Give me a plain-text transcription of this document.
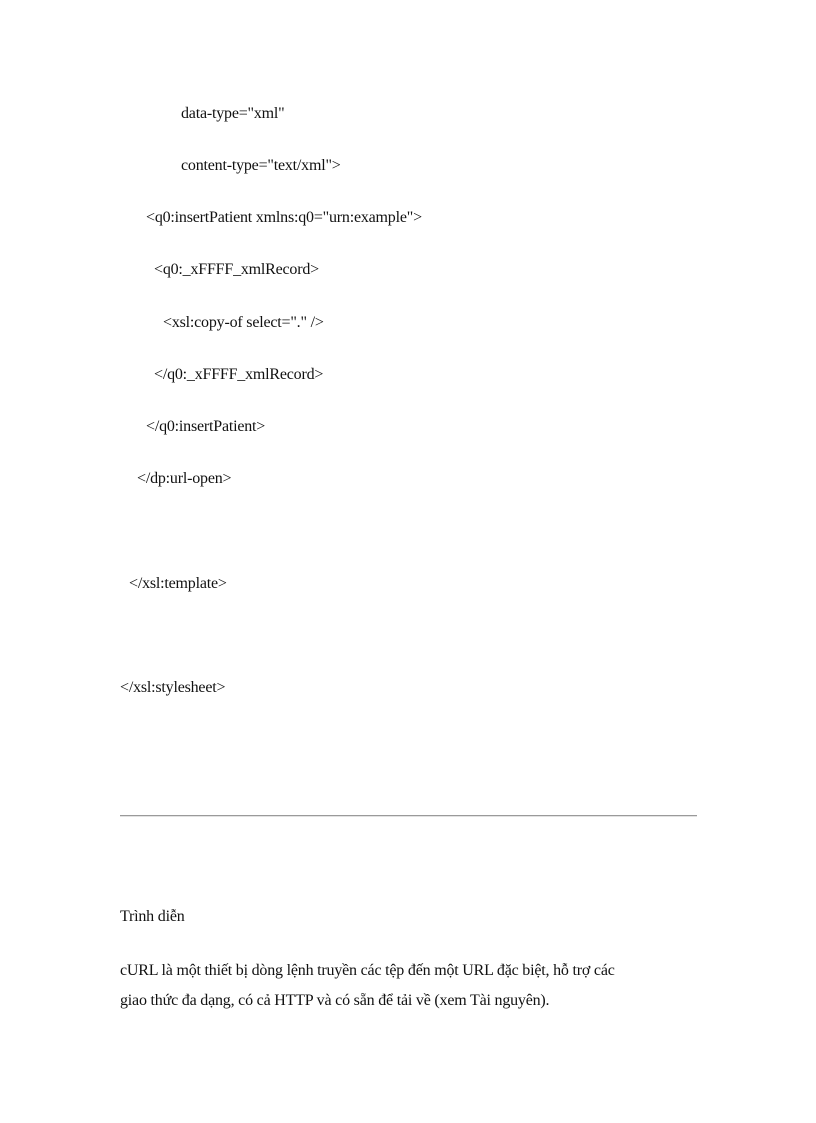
data-type="xml"
content-type="text/xml">
<q0:insertPatient xmlns:q0="urn:example">
<q0:_xFFFF_xmlRecord>
<xsl:copy-of select="." />
</q0:_xFFFF_xmlRecord>
</q0:insertPatient>
</dp:url-open>
</xsl:template>
</xsl:stylesheet>
Trình diễn
cURL là một thiết bị dòng lệnh truyền các tệp đến một URL đặc biệt, hỗ trợ các
giao thức đa dạng, có cả HTTP và có sẵn để tải về (xem Tài nguyên).
